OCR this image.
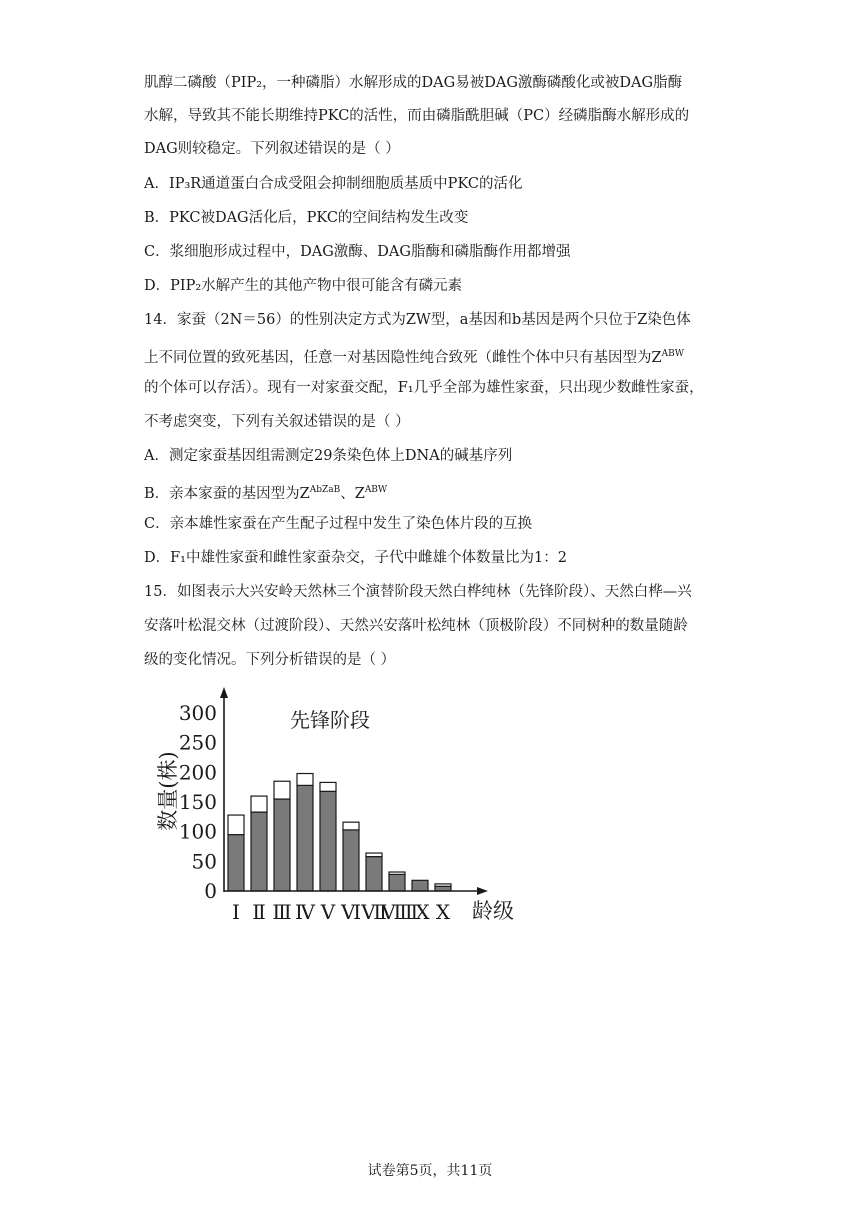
肌醇二磷酸（PIP₂，一种磷脂）水解形成的DAG易被DAG激酶磷酸化或被DAG脂酶
水解，导致其不能长期维持PKC的活性，而由磷脂酰胆碱（PC）经磷脂酶水解形成的
DAG则较稳定。下列叙述错误的是（ ）
A．IP₃R通道蛋白合成受阻会抑制细胞质基质中PKC的活化
B．PKC被DAG活化后，PKC的空间结构发生改变
C．浆细胞形成过程中，DAG激酶、DAG脂酶和磷脂酶作用都增强
D．PIP₂水解产生的其他产物中很可能含有磷元素
14．家蚕（2N＝56）的性别决定方式为ZW型，a基因和b基因是两个只位于Z染色体
上不同位置的致死基因，任意一对基因隐性纯合致死（雌性个体中只有基因型为$Z^{ABW}$
的个体可以存活）。现有一对家蚕交配，F₁几乎全部为雄性家蚕，只出现少数雌性家蚕，
不考虑突变，下列有关叙述错误的是（ ）
A．测定家蚕基因组需测定29条染色体上DNA的碱基序列
B．亲本家蚕的基因型为$Z^{AbZaB}$、$Z^{ABW}$
C．亲本雄性家蚕在产生配子过程中发生了染色体片段的互换
D．F₁中雄性家蚕和雌性家蚕杂交，子代中雌雄个体数量比为1：2
15．如图表示大兴安岭天然林三个演替阶段天然白桦纯林（先锋阶段）、天然白桦—兴
安落叶松混交林（过渡阶段）、天然兴安落叶松纯林（顶极阶段）不同树种的数量随龄
级的变化情况。下列分析错误的是（ ）
0
50
100
150
200
250
300
Ⅰ Ⅱ Ⅲ Ⅳ Ⅴ Ⅵ Ⅶ
Ⅷ
Ⅸ Ⅹ
先锋阶段
龄级
数量(株)
试卷第5页，共11页
